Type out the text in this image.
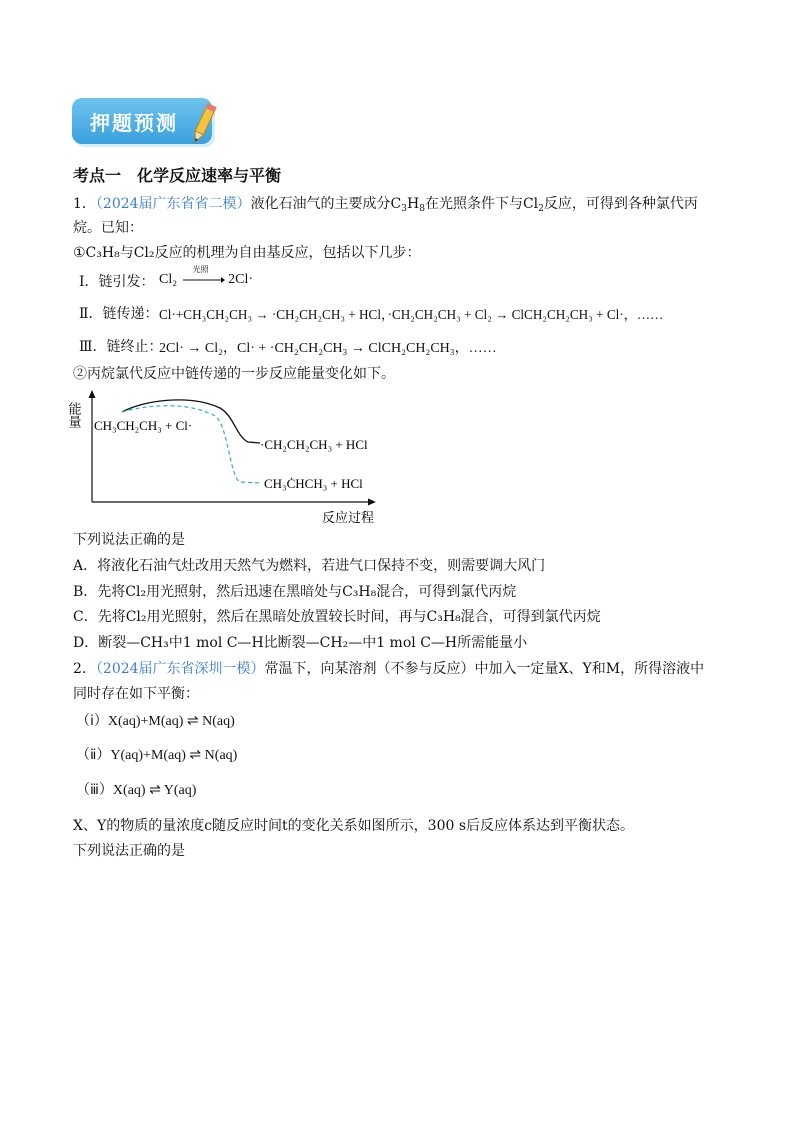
押题预测
考点一　化学反应速率与平衡
1．（2024届广东省省二模）液化石油气的主要成分$C_3H_8$在光照条件下与$Cl_2$反应，可得到各种氯代丙
烷。已知：
①C₃H₈与Cl₂反应的机理为自由基反应，包括以下几步：
Ⅰ．链引发： Cl₂
光照
2Cl·
Ⅱ．链传递： Cl·+CH₃CH₂CH₃ → ·CH₂CH₂CH₃ + HCl，·CH₂CH₂CH₃ + Cl₂ → ClCH₂CH₂CH₃ + Cl·，……
Ⅲ．链终止：
2Cl· → Cl₂，Cl· + ·CH₂CH₂CH₃ → ClCH₂CH₂CH₃，……
②丙烷氯代反应中链传递的一步反应能量变化如下。
能量
反应过程
CH₃CH₂CH₃ + Cl·
·CH₂CH₂CH₃ + HCl
CH₃ĊHCH₃ + HCl
下列说法正确的是
A．将液化石油气灶改用天然气为燃料，若进气口保持不变，则需要调大风门
B．先将Cl₂用光照射，然后迅速在黑暗处与C₃H₈混合，可得到氯代丙烷
C．先将Cl₂用光照射，然后在黑暗处放置较长时间，再与C₃H₈混合，可得到氯代丙烷
D．断裂—CH₃中1 mol C—H比断裂—CH₂—中1 mol C—H所需能量小
2．（2024届广东省深圳一模）常温下，向某溶剂（不参与反应）中加入一定量X、Y和M，所得溶液中
同时存在如下平衡：
（ⅰ）X(aq)+M(aq) ⇌ N(aq)
（ⅱ）Y(aq)+M(aq) ⇌ N(aq)
（ⅲ）X(aq) ⇌ Y(aq)
X、Y的物质的量浓度c随反应时间t的变化关系如图所示，300 s后反应体系达到平衡状态。
下列说法正确的是
